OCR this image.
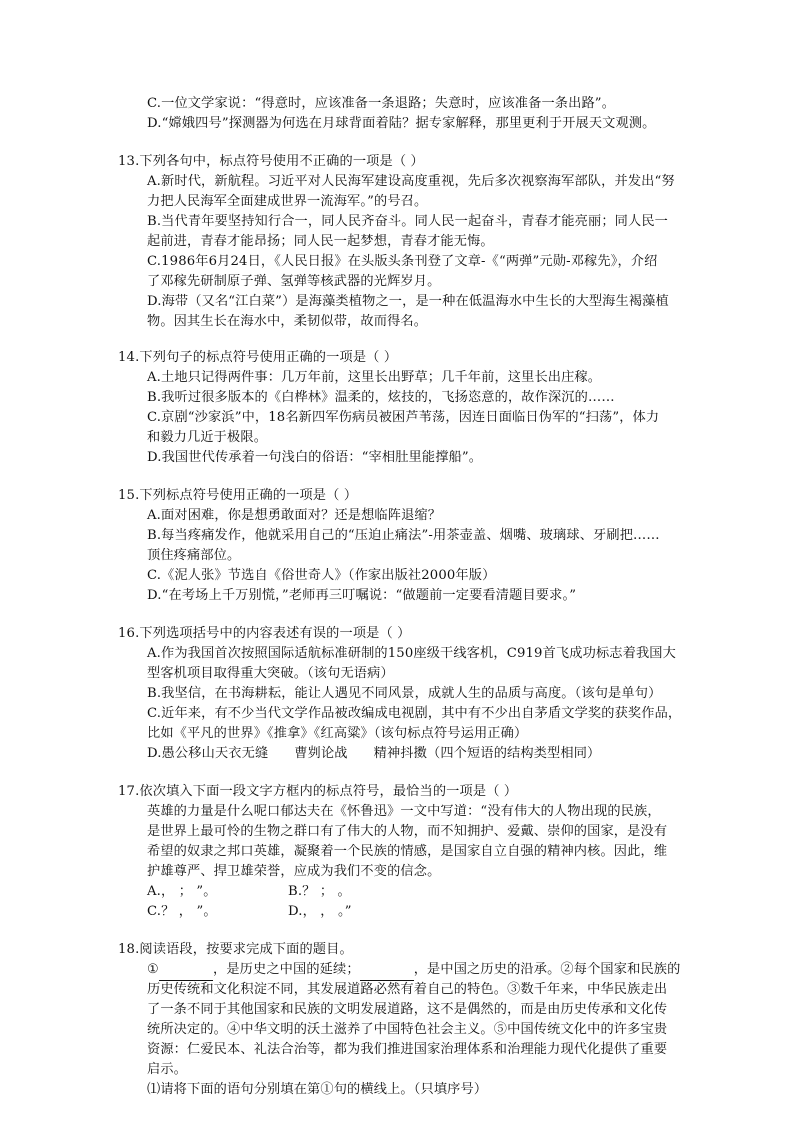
C.一位文学家说：“得意时，应该准备一条退路；失意时，应该准备一条出路”。
D.“嫦娥四号”探测器为何选在月球背面着陆？据专家解释，那里更利于开展天文观测。
13.下列各句中，标点符号使用不正确的一项是（ ）
A.新时代，新航程。习近平对人民海军建设高度重视，先后多次视察海军部队，并发出“努
力把人民海军全面建成世界一流海军。”的号召。
B.当代青年要坚持知行合一，同人民齐奋斗。同人民一起奋斗，青春才能亮丽；同人民一
起前进，青春才能昂扬；同人民一起梦想，青春才能无悔。
C.1986年6月24日，《人民日报》在头版头条刊登了文章-《“两弹”元勋-邓稼先》，介绍
了邓稼先研制原子弹、氢弹等核武器的光辉岁月。
D.海带（又名“江白菜”）是海藻类植物之一，是一种在低温海水中生长的大型海生褐藻植
物。因其生长在海水中，柔韧似带，故而得名。
14.下列句子的标点符号使用正确的一项是（ ）
A.土地只记得两件事：几万年前，这里长出野草；几千年前，这里长出庄稼。
B.我听过很多版本的《白桦林》温柔的，炫技的，飞扬恣意的，故作深沉的……
C.京剧“沙家浜”中，18名新四军伤病员被困芦苇荡，因连日面临日伪军的“扫荡”，体力
和毅力几近于极限。
D.我国世代传承着一句浅白的俗语：“宰相肚里能撑船”。
15.下列标点符号使用正确的一项是（ ）
A.面对困难，你是想勇敢面对？还是想临阵退缩？
B.每当疼痛发作，他就采用自己的“压迫止痛法”-用茶壶盖、烟嘴、玻璃球、牙刷把……
顶住疼痛部位。
C.《泥人张》节选自《俗世奇人》（作家出版社2000年版）
D.“在考场上千万别慌，”老师再三叮嘱说：“做题前一定要看清题目要求。”
16.下列选项括号中的内容表述有误的一项是（ ）
A.作为我国首次按照国际适航标准研制的150座级干线客机，C919首飞成功标志着我国大
型客机项目取得重大突破。（该句无语病）
B.我坚信，在书海耕耘，能让人遇见不同风景，成就人生的品质与高度。（该句是单句）
C.近年来，有不少当代文学作品被改编成电视剧，其中有不少出自茅盾文学奖的获奖作品，
比如《平凡的世界》《推拿》《红高粱》（该句标点符号运用正确）
D.愚公移山天衣无缝 曹刿论战 精神抖擞（四个短语的结构类型相同）
17.依次填入下面一段文字方框内的标点符号，最恰当的一项是（ ）
英雄的力量是什么呢口郁达夫在《怀鲁迅》一文中写道：“没有伟大的人物出现的民族，
是世界上最可怜的生物之群口有了伟大的人物，而不知拥护、爱戴、崇仰的国家，是没有
希望的奴隶之邦口英雄，凝聚着一个民族的情感，是国家自立自强的精神内核。因此，维
护雄尊严、捍卫雄荣誉，应成为我们不变的信念。
A.， ； ”。	B.？ ； 。
C.？ ， ”。	D.， ， 。”
18.阅读语段，按要求完成下面的题目。
①	，是历史之中国的延续；	，是中国之历史的沿承。②每个国家和民族的
历史传统和文化积淀不同，其发展道路必然有着自己的特色。③数千年来，中华民族走出
了一条不同于其他国家和民族的文明发展道路，这不是偶然的，而是由历史传承和文化传
统所决定的。④中华文明的沃土滋养了中国特色社会主义。⑤中国传统文化中的许多宝贵
资源：仁爱民本、礼法合治等，都为我们推进国家治理体系和治理能力现代化提供了重要
启示。
⑴请将下面的语句分别填在第①句的横线上。（只填序号）
